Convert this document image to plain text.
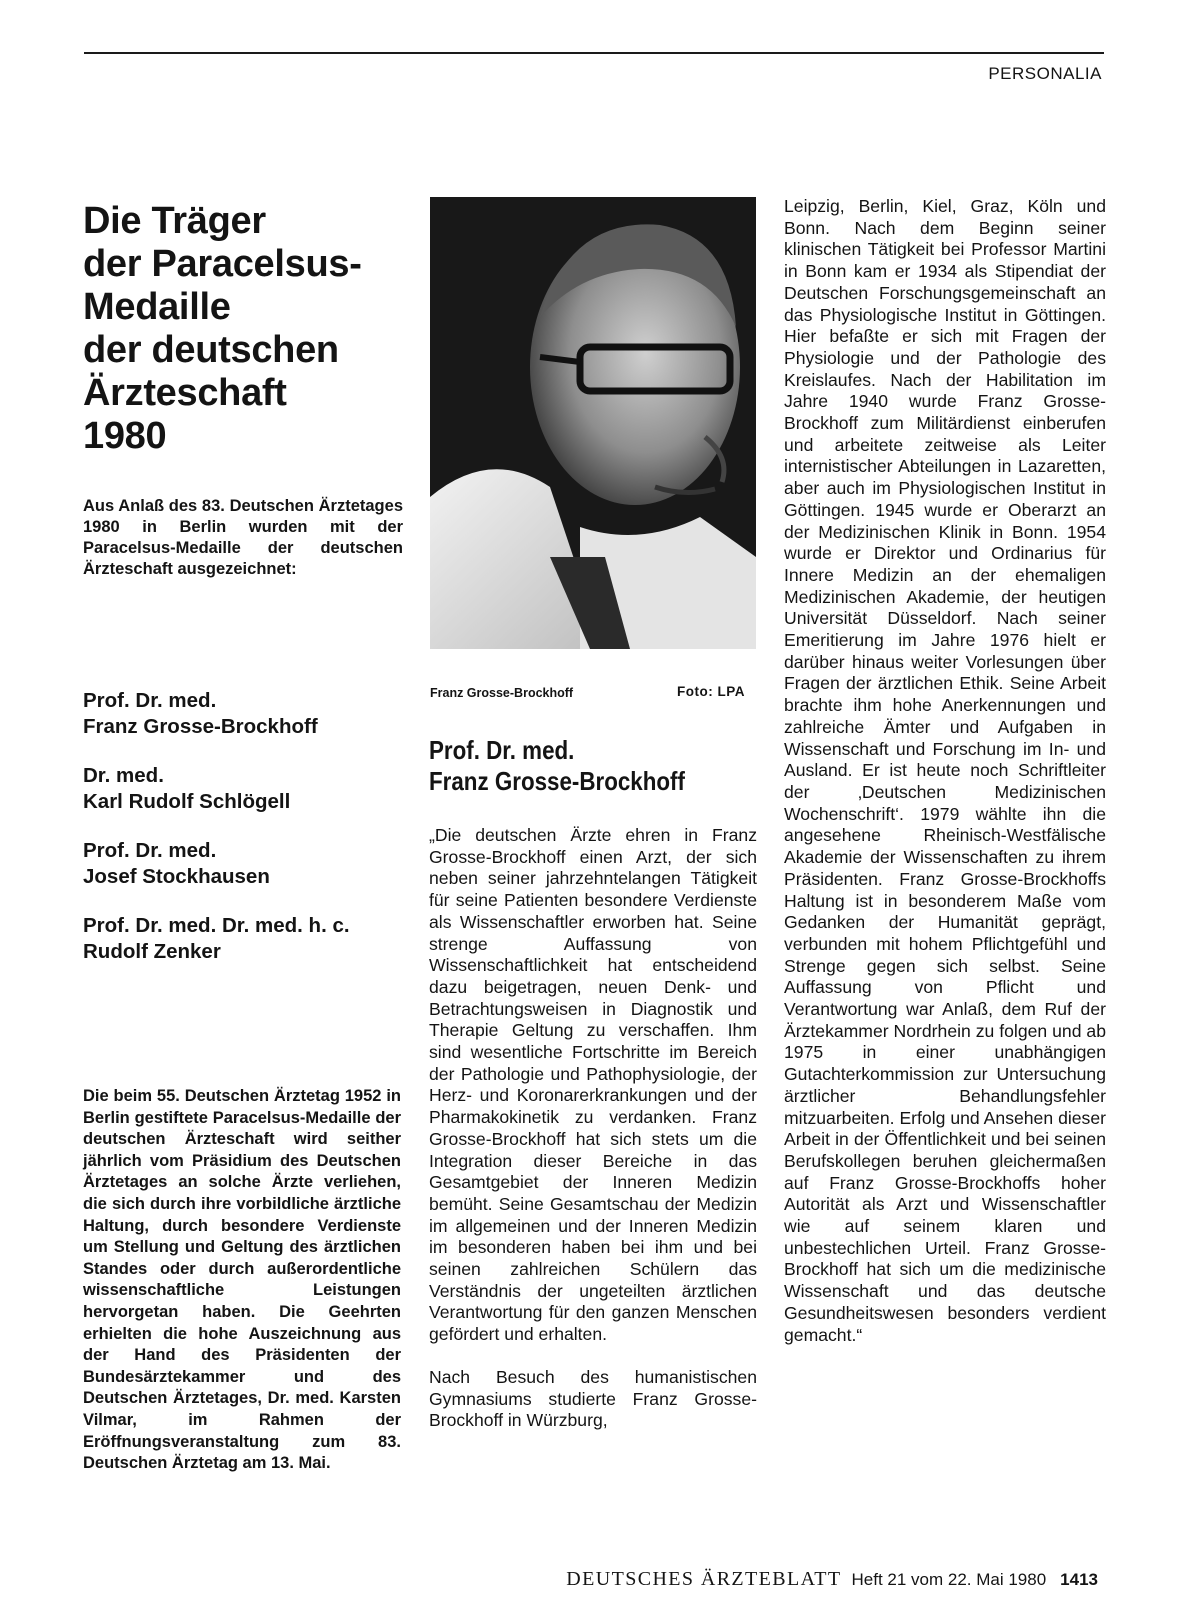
PERSONALIA
Die Träger
der Paracelsus-
Medaille
der deutschen
Ärzteschaft
1980

Aus Anlaß des 83. Deutschen Ärztetages 1980 in Berlin wurden mit der Paracelsus-Medaille der deutschen Ärzteschaft ausgezeichnet:

Prof. Dr. med.
Franz Grosse-Brockhoff
Dr. med.
Karl Rudolf Schlögell
Prof. Dr. med.
Josef Stockhausen
Prof. Dr. med. Dr. med. h. c.
Rudolf Zenker

Die beim 55. Deutschen Ärztetag 1952 in Berlin gestiftete Paracelsus-Medaille der deutschen Ärzteschaft wird seither jährlich vom Präsidium des Deutschen Ärztetages an solche Ärzte verliehen, die sich durch ihre vorbildliche ärztliche Haltung, durch besondere Verdienste um Stellung und Geltung des ärztlichen Standes oder durch außerordentliche wissenschaftliche Leistungen hervorgetan haben. Die Geehrten erhielten die hohe Auszeichnung aus der Hand des Präsidenten der Bundesärztekammer und des Deutschen Ärztetages, Dr. med. Karsten Vilmar, im Rahmen der Eröffnungsveranstaltung zum 83. Deutschen Ärztetag am 13. Mai.

Franz Grosse-Brockhoff	Foto: LPA
Prof. Dr. med.
Franz Grosse-Brockhoff

„Die deutschen Ärzte ehren in Franz Grosse-Brockhoff einen Arzt, der sich neben seiner jahrzehntelangen Tätigkeit für seine Patienten besondere Verdienste als Wissenschaftler erworben hat. Seine strenge Auffassung von Wissenschaftlichkeit hat entscheidend dazu beigetragen, neuen Denk- und Betrachtungsweisen in Diagnostik und Therapie Geltung zu verschaffen. Ihm sind wesentliche Fortschritte im Bereich der Pathologie und Pathophysiologie, der Herz- und Koronarerkrankungen und der Pharmakokinetik zu verdanken. Franz Grosse-Brockhoff hat sich stets um die Integration dieser Bereiche in das Gesamtgebiet der Inneren Medizin bemüht. Seine Gesamtschau der Medizin im allgemeinen und der Inneren Medizin im besonderen haben bei ihm und bei seinen zahlreichen Schülern das Verständnis der ungeteilten ärztlichen Verantwortung für den ganzen Menschen gefördert und erhalten.

Nach Besuch des humanistischen Gymnasiums studierte Franz Grosse-Brockhoff in Würzburg,

Leipzig, Berlin, Kiel, Graz, Köln und Bonn. Nach dem Beginn seiner klinischen Tätigkeit bei Professor Martini in Bonn kam er 1934 als Stipendiat der Deutschen Forschungsgemeinschaft an das Physiologische Institut in Göttingen. Hier befaßte er sich mit Fragen der Physiologie und der Pathologie des Kreislaufes. Nach der Habilitation im Jahre 1940 wurde Franz Grosse-Brockhoff zum Militärdienst einberufen und arbeitete zeitweise als Leiter internistischer Abteilungen in Lazaretten, aber auch im Physiologischen Institut in Göttingen. 1945 wurde er Oberarzt an der Medizinischen Klinik in Bonn. 1954 wurde er Direktor und Ordinarius für Innere Medizin an der ehemaligen Medizinischen Akademie, der heutigen Universität Düsseldorf. Nach seiner Emeritierung im Jahre 1976 hielt er darüber hinaus weiter Vorlesungen über Fragen der ärztlichen Ethik. Seine Arbeit brachte ihm hohe Anerkennungen und zahlreiche Ämter und Aufgaben in Wissenschaft und Forschung im In- und Ausland. Er ist heute noch Schriftleiter der ‚Deutschen Medizinischen Wochenschrift‘. 1979 wählte ihn die angesehene Rheinisch-Westfälische Akademie der Wissenschaften zu ihrem Präsidenten. Franz Grosse-Brockhoffs Haltung ist in besonderem Maße vom Gedanken der Humanität geprägt, verbunden mit hohem Pflichtgefühl und Strenge gegen sich selbst. Seine Auffassung von Pflicht und Verantwortung war Anlaß, dem Ruf der Ärztekammer Nordrhein zu folgen und ab 1975 in einer unabhängigen Gutachterkommission zur Untersuchung ärztlicher Behandlungsfehler mitzuarbeiten. Erfolg und Ansehen dieser Arbeit in der Öffentlichkeit und bei seinen Berufskollegen beruhen gleichermaßen auf Franz Grosse-Brockhoffs hoher Autorität als Arzt und Wissenschaftler wie auf seinem klaren und unbestechlichen Urteil. Franz Grosse-Brockhoff hat sich um die medizinische Wissenschaft und das deutsche Gesundheitswesen besonders verdient gemacht.“

DEUTSCHES ÄRZTEBLATT Heft 21 vom 22. Mai 1980 1413
